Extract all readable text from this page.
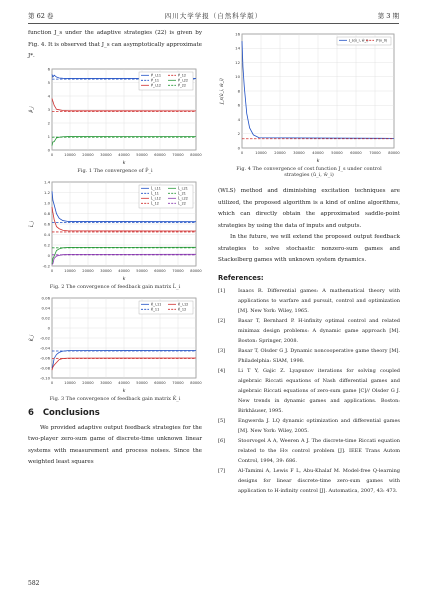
第 62 卷	四川大学学报（自然科学版）	第 3 期

function J_s under the adaptive strategies (22) is given by Fig. 4. It is observed that J_s can asymptotically approximate J*.

0	10000 20000 30000 40000 50000 60000 70000 80000
0
1
2
3
4
5
6
k
P̂_i
P̂_i,11
P̂_11
P̂_i,12
P̂_12
P̂_i,22
P̂_22
Fig. 1 The convergence of P̂_i
0	10000 20000 30000 40000 50000 60000 70000 80000
-0.2
0
0.2
0.4
0.6
0.8
1.0
1.2
1.4
k
L̂_i
L̂_i,11
L̂_11
L̂_i,12
L̂_12
L̂_i,21
L̂_21
L̂_i,22
L̂_22
Fig. 2 The convergence of feedback gain matrix L̂_i
0	10000 20000 30000 40000 50000 60000 70000 80000
-0.10
-0.08
-0.06
-0.04
-0.02
0
0.02
0.04
0.06
k
K̂_i
K̂_i,11
K̂_11
K̂_i,12
K̂_12
Fig. 3 The convergence of feedback gain matrix K̂_i
6 Conclusions

We provided adaptive output feedback strategies for the two-player zero-sum game of discrete-time unknown linear systems with measurement and process noises. Since the weighted least squares

0	10000 20000 30000 40000 50000 60000 70000 80000
0
2
4
6
8
10
12
14
16
k
J_s(û_i, ŵ_i)
J_s(û_i, ŵ_i) J*(x_0)
Fig. 4 The convergence of cost function J_s under control
strategies (û_i, ŵ_i)

(WLS) method and diminishing excitation techniques are utilized, the proposed algorithm is a kind of online algorithms, which can directly obtain the approximated saddle-point strategies by using the data of inputs and outputs.

In the future, we will extend the proposed output feedback strategies to solve stochastic nonzero-sum games and Stackelberg games with unknown system dynamics.

References:
[1]	Isaacs R. Differential games: A mathematical theory with applications to warfare and pursuit, control and optimization [M]. New York: Wiley, 1965.
[2]	Basar T, Bernhard P. H-infinity optimal control and related minimax design problems: A dynamic game approach [M]. Boston: Springer, 2008.
[3]	Basar T, Olsder G J. Dynamic noncooperative game theory [M]. Philadelphia: SIAM, 1998.
[4]	Li T Y, Gajic Z. Lyapunov iterations for solving coupled algebraic Riccati equations of Nash differential games and algebraic Riccati equations of zero-sum game [C]// Olsder G J. New trends in dynamic games and applications. Boston: Birkhäuser, 1995.
[5]	Engwerda J. LQ dynamic optimization and differential games [M]. New York: Wiley, 2005.
[6]	Stoorvogel A A, Weeren A J. The discrete-time Riccati equation related to the H∞ control problem [J]. IEEE Trans Autom Control, 1994, 39: 686.
[7]	Al-Tamimi A, Lewis F L, Abu-Khalaf M. Model-free Q-learning designs for linear discrete-time zero-sum games with application to H-infinity control [J]. Automatica, 2007, 43: 473.
582
